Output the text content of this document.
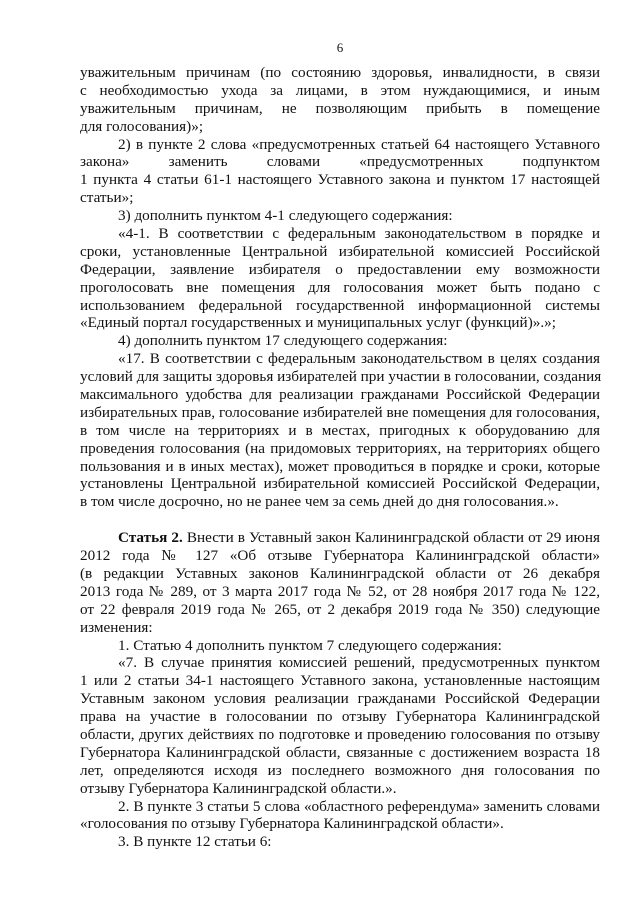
6
уважительным причинам (по состоянию здоровья, инвалидности, в связи
с необходимостью ухода за лицами, в этом нуждающимися, и иным
уважительным причинам, не позволяющим прибыть в помещение
для голосования)»;
2) в пункте 2 слова «предусмотренных статьей 64 настоящего Уставного
закона» заменить словами «предусмотренных подпунктом
1 пункта 4 статьи 61-1 настоящего Уставного закона и пунктом 17 настоящей
статьи»;
3) дополнить пунктом 4-1 следующего содержания:
«4-1. В соответствии с федеральным законодательством в порядке и
сроки, установленные Центральной избирательной комиссией Российской
Федерации, заявление избирателя о предоставлении ему возможности
проголосовать вне помещения для голосования может быть подано с
использованием федеральной государственной информационной системы
«Единый портал государственных и муниципальных услуг (функций)».»;
4) дополнить пунктом 17 следующего содержания:
«17. В соответствии с федеральным законодательством в целях создания
условий для защиты здоровья избирателей при участии в голосовании, создания
максимального удобства для реализации гражданами Российской Федерации
избирательных прав, голосование избирателей вне помещения для голосования,
в том числе на территориях и в местах, пригодных к оборудованию для
проведения голосования (на придомовых территориях, на территориях общего
пользования и в иных местах), может проводиться в порядке и сроки, которые
установлены Центральной избирательной комиссией Российской Федерации,
в том числе досрочно, но не ранее чем за семь дней до дня голосования.».
Статья 2. Внести в Уставный закон Калининградской области от 29 июня
2012 года № 127 «Об отзыве Губернатора Калининградской области»
(в редакции Уставных законов Калининградской области от 26 декабря
2013 года № 289, от 3 марта 2017 года № 52, от 28 ноября 2017 года № 122,
от 22 февраля 2019 года № 265, от 2 декабря 2019 года № 350) следующие
изменения:
1. Статью 4 дополнить пунктом 7 следующего содержания:
«7. В случае принятия комиссией решений, предусмотренных пунктом
1 или 2 статьи 34-1 настоящего Уставного закона, установленные настоящим
Уставным законом условия реализации гражданами Российской Федерации
права на участие в голосовании по отзыву Губернатора Калининградской
области, других действиях по подготовке и проведению голосования по отзыву
Губернатора Калининградской области, связанные с достижением возраста 18
лет, определяются исходя из последнего возможного дня голосования по
отзыву Губернатора Калининградской области.».
2. В пункте 3 статьи 5 слова «областного референдума» заменить словами
«голосования по отзыву Губернатора Калининградской области».
3. В пункте 12 статьи 6:
